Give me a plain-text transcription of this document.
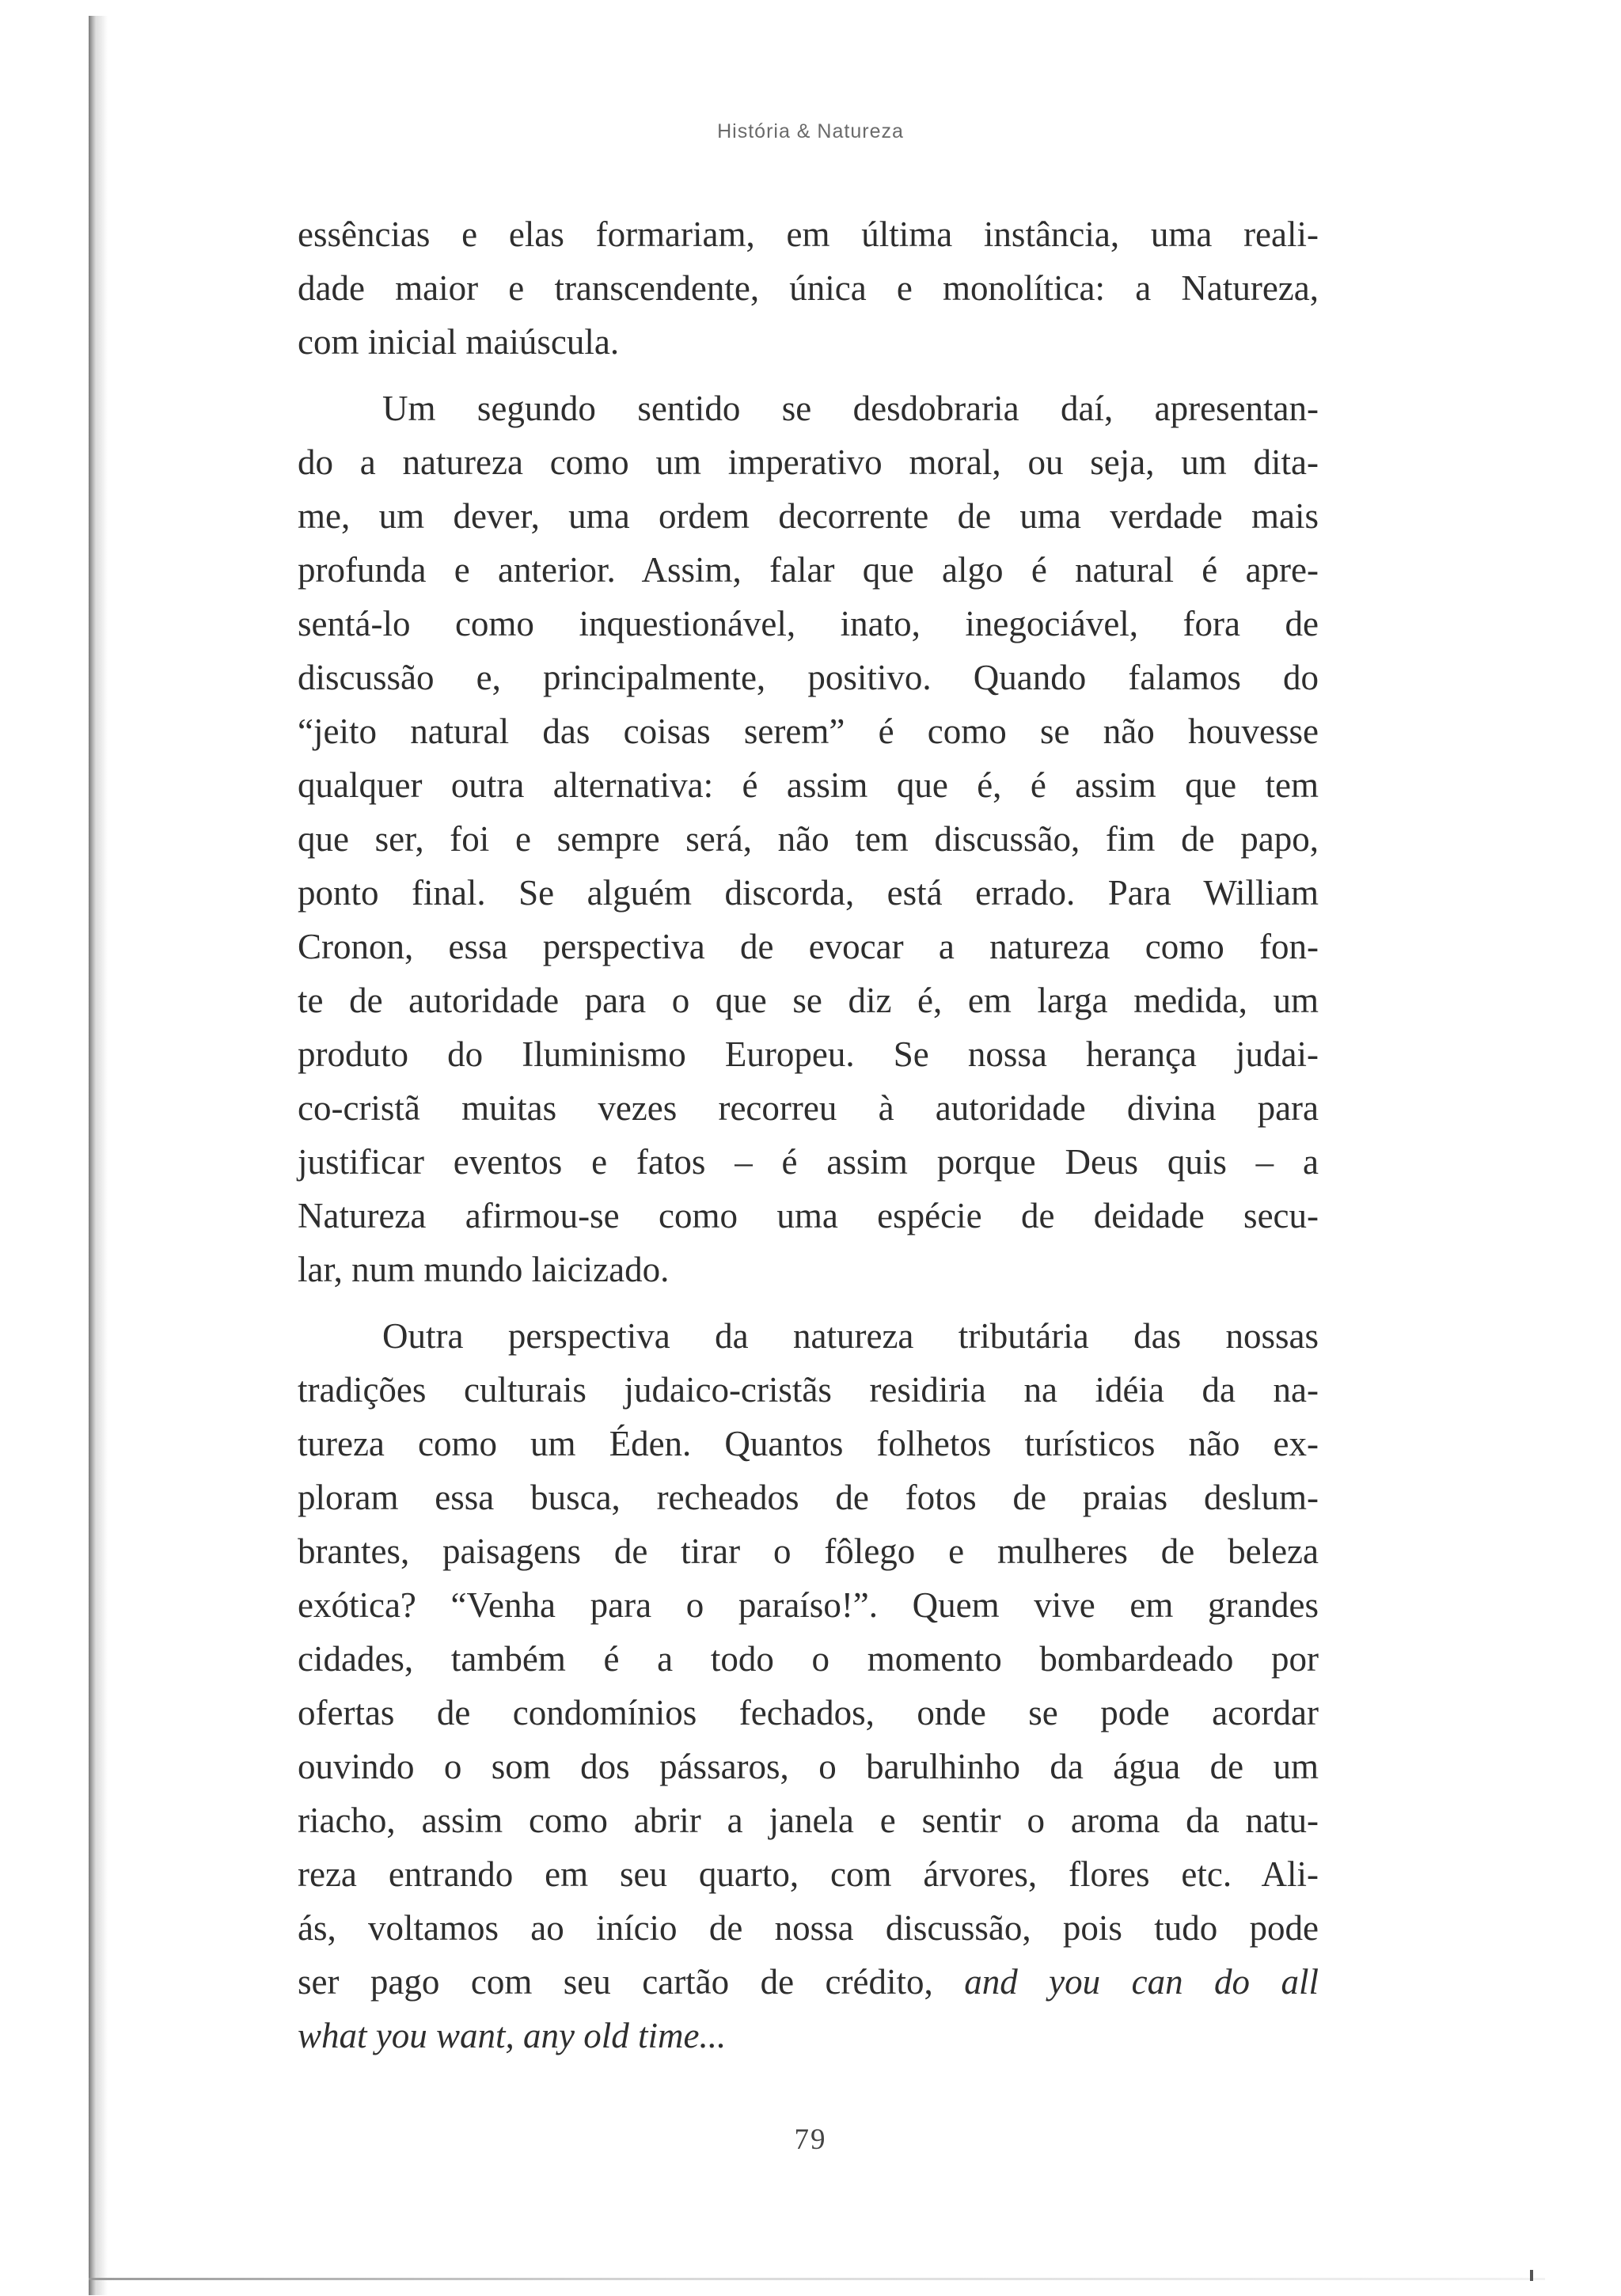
História & Natureza
essências e elas formariam, em última instância, uma reali-
dade maior e transcendente, única e monolítica: a Natureza,
com inicial maiúscula.
Um segundo sentido se desdobraria daí, apresentan-
do a natureza como um imperativo moral, ou seja, um dita-
me, um dever, uma ordem decorrente de uma verdade mais
profunda e anterior. Assim, falar que algo é natural é apre-
sentá-lo como inquestionável, inato, inegociável, fora de
discussão e, principalmente, positivo. Quando falamos do
“jeito natural das coisas serem” é como se não houvesse
qualquer outra alternativa: é assim que é, é assim que tem
que ser, foi e sempre será, não tem discussão, fim de papo,
ponto final. Se alguém discorda, está errado. Para William
Cronon, essa perspectiva de evocar a natureza como fon-
te de autoridade para o que se diz é, em larga medida, um
produto do Iluminismo Europeu. Se nossa herança judai-
co-cristã muitas vezes recorreu à autoridade divina para
justificar eventos e fatos – é assim porque Deus quis – a
Natureza afirmou-se como uma espécie de deidade secu-
lar, num mundo laicizado.
Outra perspectiva da natureza tributária das nossas
tradições culturais judaico-cristãs residiria na idéia da na-
tureza como um Éden. Quantos folhetos turísticos não ex-
ploram essa busca, recheados de fotos de praias deslum-
brantes, paisagens de tirar o fôlego e mulheres de beleza
exótica? “Venha para o paraíso!”. Quem vive em grandes
cidades, também é a todo o momento bombardeado por
ofertas de condomínios fechados, onde se pode acordar
ouvindo o som dos pássaros, o barulhinho da água de um
riacho, assim como abrir a janela e sentir o aroma da natu-
reza entrando em seu quarto, com árvores, flores etc. Ali-
ás, voltamos ao início de nossa discussão, pois tudo pode
ser pago com seu cartão de crédito, and you can do all
what you want, any old time...
79
